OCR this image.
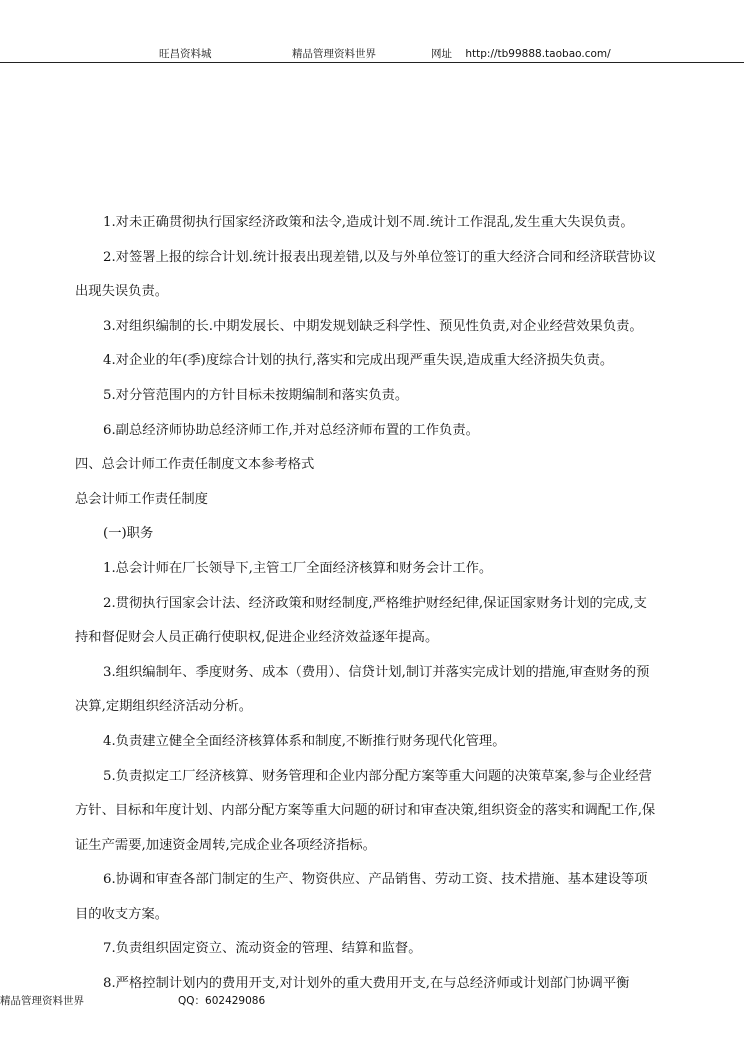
旺昌资料城	精品管理资料世界	网址 http://tb99888.taobao.com/

1.对未正确贯彻执行国家经济政策和法令,造成计划不周.统计工作混乱,发生重大失误负责。

2.对签署上报的综合计划.统计报表出现差错,以及与外单位签订的重大经济合同和经济联营协议出现失误负责。

3.对组织编制的长.中期发展长、中期发规划缺乏科学性、预见性负责,对企业经营效果负责。

4.对企业的年(季)度综合计划的执行,落实和完成出现严重失误,造成重大经济损失负责。

5.对分管范围内的方针目标未按期编制和落实负责。

6.副总经济师协助总经济师工作,并对总经济师布置的工作负责。

四、总会计师工作责任制度文本参考格式

总会计师工作责任制度

(一)职务

1.总会计师在厂长领导下,主管工厂全面经济核算和财务会计工作。

2.贯彻执行国家会计法、经济政策和财经制度,严格维护财经纪律,保证国家财务计划的完成,支持和督促财会人员正确行使职权,促进企业经济效益逐年提高。

3.组织编制年、季度财务、成本（费用）、信贷计划,制订并落实完成计划的措施,审查财务的预决算,定期组织经济活动分析。

4.负责建立健全全面经济核算体系和制度,不断推行财务现代化管理。

5.负责拟定工厂经济核算、财务管理和企业内部分配方案等重大问题的决策草案,参与企业经营方针、目标和年度计划、内部分配方案等重大问题的研讨和审查决策,组织资金的落实和调配工作,保证生产需要,加速资金周转,完成企业各项经济指标。

6.协调和审查各部门制定的生产、物资供应、产品销售、劳动工资、技术措施、基本建设等项目的收支方案。

7.负责组织固定资立、流动资金的管理、结算和监督。

8.严格控制计划内的费用开支,对计划外的重大费用开支,在与总经济师或计划部门协调平衡

精品管理资料世界	QQ：602429086
